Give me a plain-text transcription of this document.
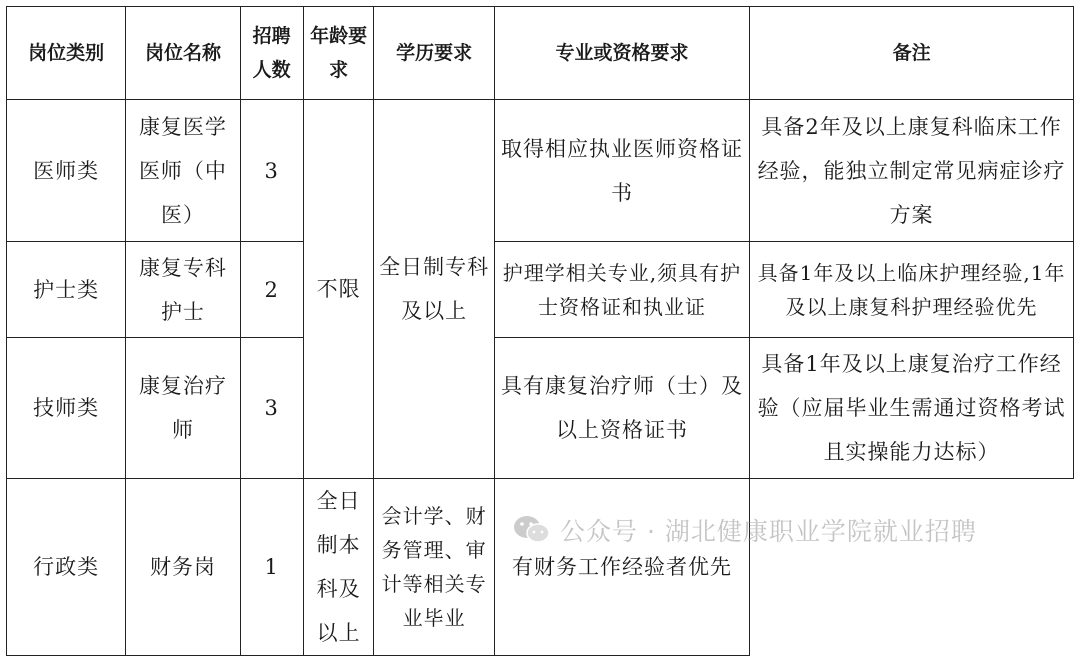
岗位类别	岗位名称	招聘人数	年龄要求	学历要求	专业或资格要求	备注
医师类	康复医学医师（中医）	3	不限	全日制专科及以上	取得相应执业医师资格证书	具备2年及以上康复科临床工作经验，能独立制定常见病症诊疗方案
护士类	康复专科护士	2			护理学相关专业,须具有护士资格证和执业证	具备1年及以上临床护理经验,1年及以上康复科护理经验优先
技师类	康复治疗师	3			具有康复治疗师（士）及以上资格证书	具备1年及以上康复治疗工作经验（应届毕业生需通过资格考试且实操能力达标）
行政类	财务岗	1	全日制本科及以上	会计学、财务管理、审计等相关专业毕业	有财务工作经验者优先	
公众号 · 湖北健康职业学院就业招聘
